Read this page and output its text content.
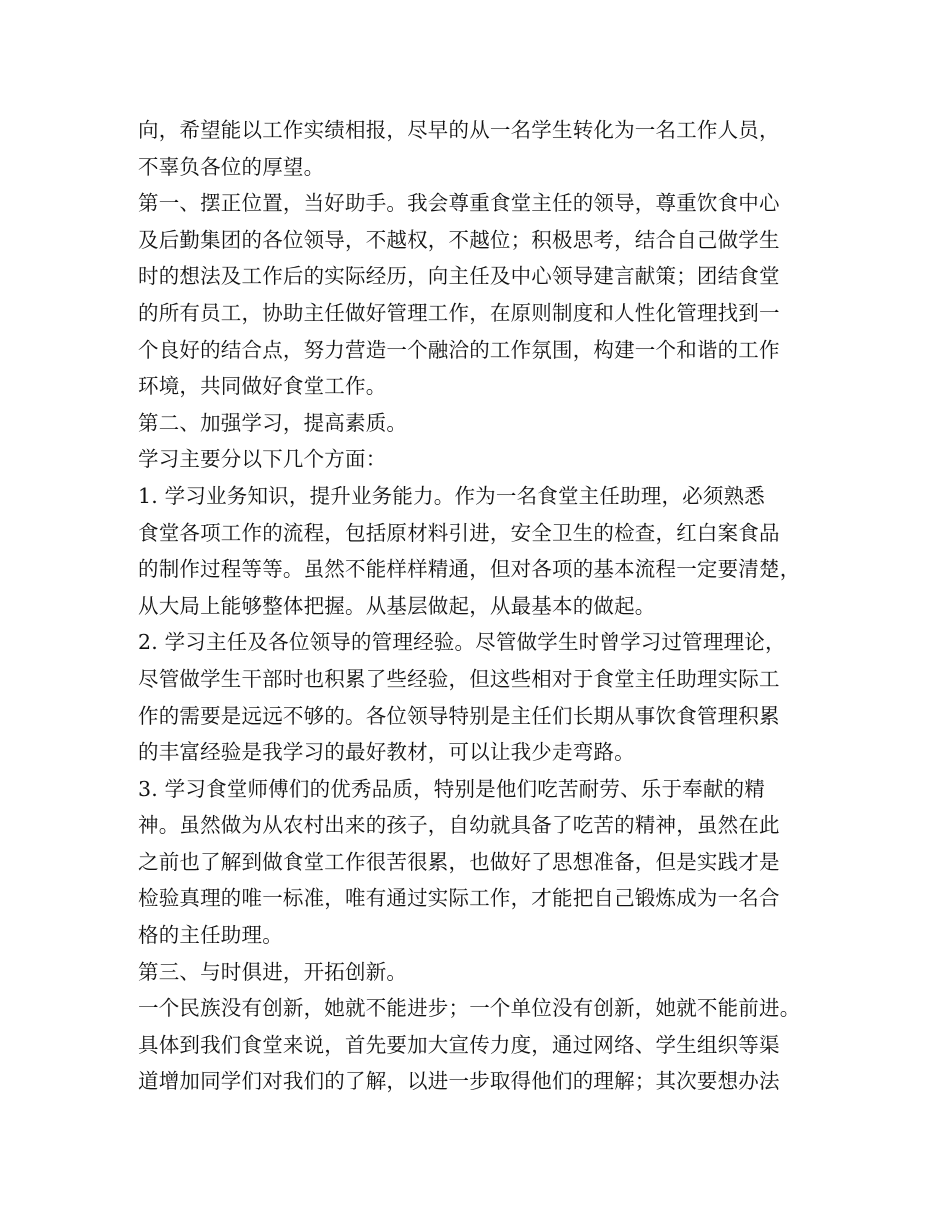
向，希望能以工作实绩相报，尽早的从一名学生转化为一名工作人员，
不辜负各位的厚望。
第一、摆正位置，当好助手。我会尊重食堂主任的领导，尊重饮食中心
及后勤集团的各位领导，不越权，不越位；积极思考，结合自己做学生
时的想法及工作后的实际经历，向主任及中心领导建言献策；团结食堂
的所有员工，协助主任做好管理工作，在原则制度和人性化管理找到一
个良好的结合点，努力营造一个融洽的工作氛围，构建一个和谐的工作
环境，共同做好食堂工作。
第二、加强学习，提高素质。
学习主要分以下几个方面：
1. 学习业务知识，提升业务能力。作为一名食堂主任助理，必须熟悉
食堂各项工作的流程，包括原材料引进，安全卫生的检查，红白案食品
的制作过程等等。虽然不能样样精通，但对各项的基本流程一定要清楚，
从大局上能够整体把握。从基层做起，从最基本的做起。
2. 学习主任及各位领导的管理经验。尽管做学生时曾学习过管理理论，
尽管做学生干部时也积累了些经验，但这些相对于食堂主任助理实际工
作的需要是远远不够的。各位领导特别是主任们长期从事饮食管理积累
的丰富经验是我学习的最好教材，可以让我少走弯路。
3. 学习食堂师傅们的优秀品质，特别是他们吃苦耐劳、乐于奉献的精
神。虽然做为从农村出来的孩子，自幼就具备了吃苦的精神，虽然在此
之前也了解到做食堂工作很苦很累，也做好了思想准备，但是实践才是
检验真理的唯一标准，唯有通过实际工作，才能把自己锻炼成为一名合
格的主任助理。
第三、与时俱进，开拓创新。
一个民族没有创新，她就不能进步；一个单位没有创新，她就不能前进。
具体到我们食堂来说，首先要加大宣传力度，通过网络、学生组织等渠
道增加同学们对我们的了解，以进一步取得他们的理解；其次要想办法
